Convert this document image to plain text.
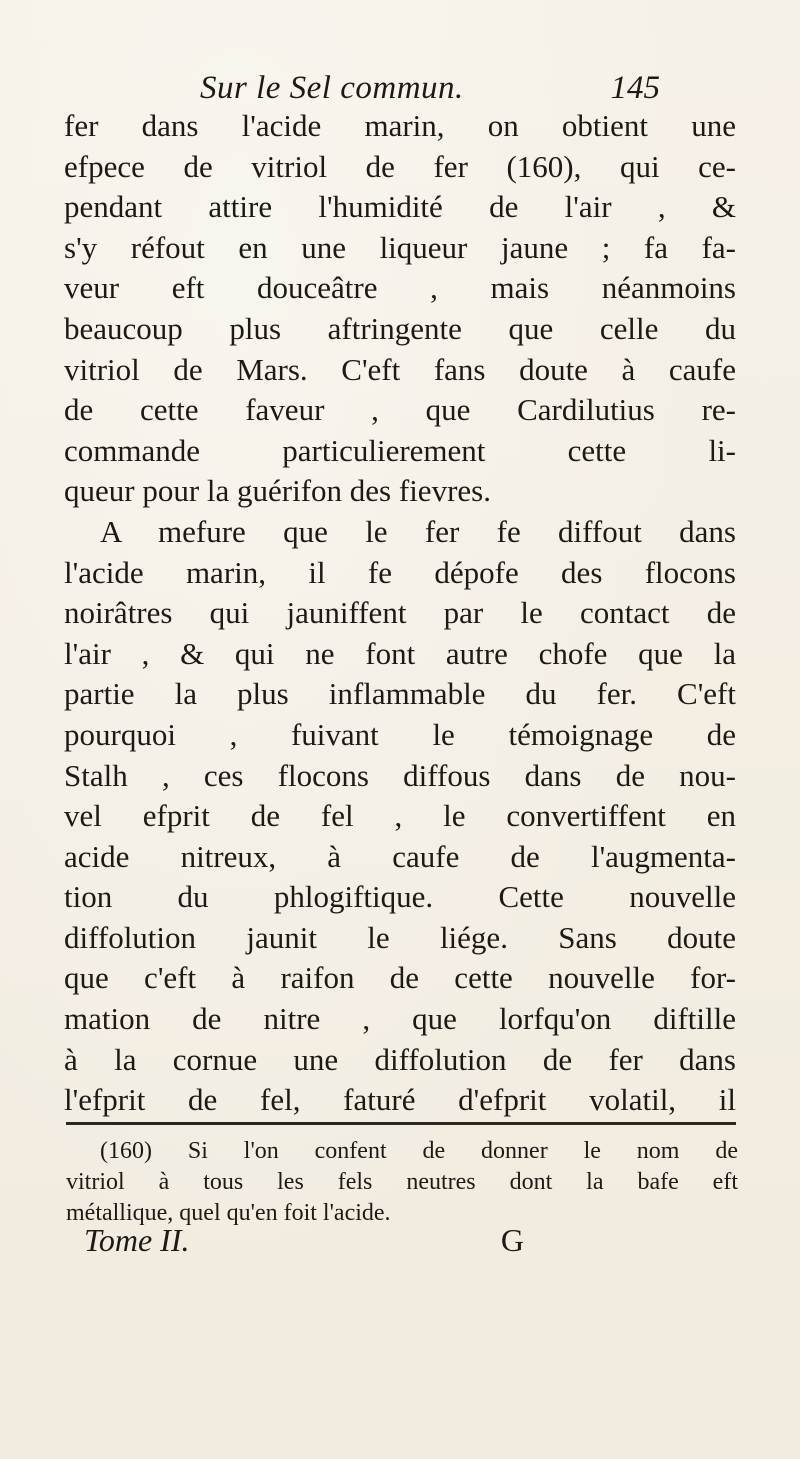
Sur le Sel commun.	145
fer dans l'acide marin, on obtient une
efpece de vitriol de fer (160), qui ce-
pendant attire l'humidité de l'air , &
s'y réfout en une liqueur jaune ; fa fa-
veur eft douceâtre , mais néanmoins
beaucoup plus aftringente que celle du
vitriol de Mars. C'eft fans doute à caufe
de cette faveur , que Cardilutius re-
commande particulierement cette li-
queur pour la guérifon des fievres.
A mefure que le fer fe diffout dans
l'acide marin, il fe dépofe des flocons
noirâtres qui jauniffent par le contact de
l'air , & qui ne font autre chofe que la
partie la plus inflammable du fer. C'eft
pourquoi , fuivant le témoignage de
Stalh , ces flocons diffous dans de nou-
vel efprit de fel , le convertiffent en
acide nitreux, à caufe de l'augmenta-
tion du phlogiftique. Cette nouvelle
diffolution jaunit le liége. Sans doute
que c'eft à raifon de cette nouvelle for-
mation de nitre , que lorfqu'on diftille
à la cornue une diffolution de fer dans
l'efprit de fel, faturé d'efprit volatil, il
(160) Si l'on confent de donner le nom de
vitriol à tous les fels neutres dont la bafe eft
métallique, quel qu'en foit l'acide.
Tome II.	G
